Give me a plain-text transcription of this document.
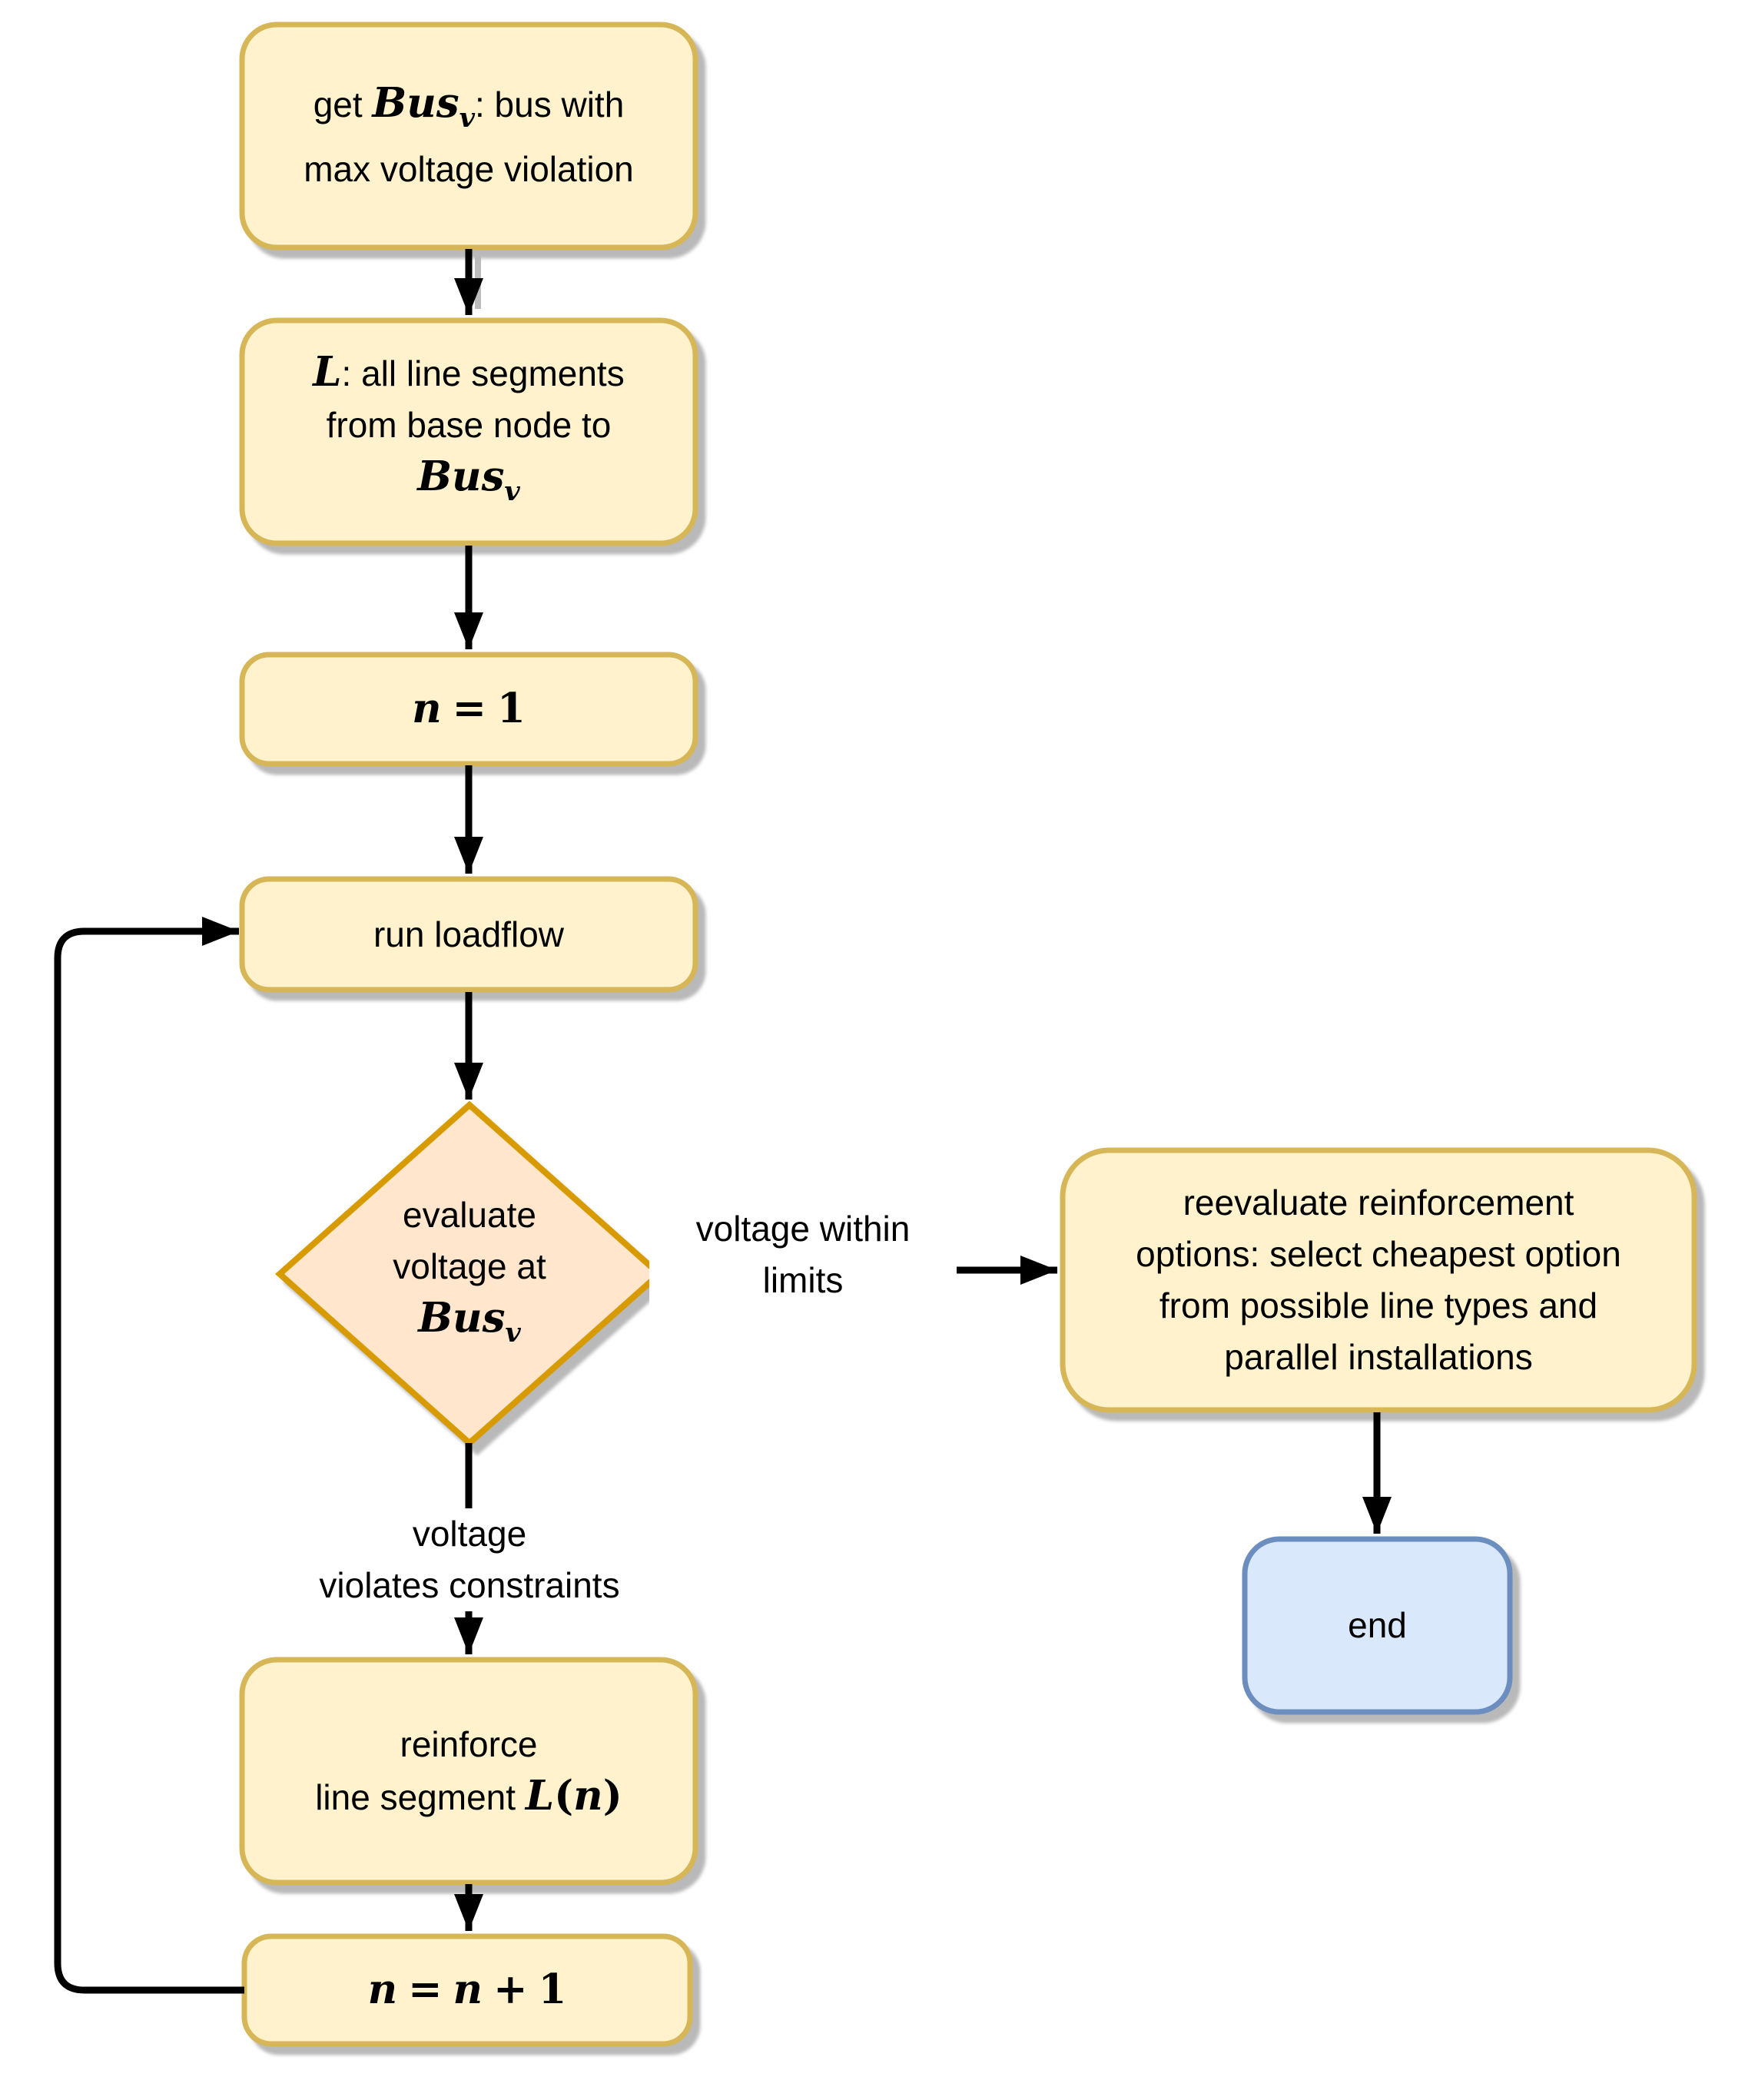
get Busv: bus with
max voltage violation
L: all line segments
from base node to
Busv
n = 1
run loadflow
evaluate
voltage at
Busv
reinforce
line segment L(n)
n = n + 1
reevaluate reinforcement
options: select cheapest option
from possible line types and
parallel installations
end
voltage within
limits
voltage
violates constraints
